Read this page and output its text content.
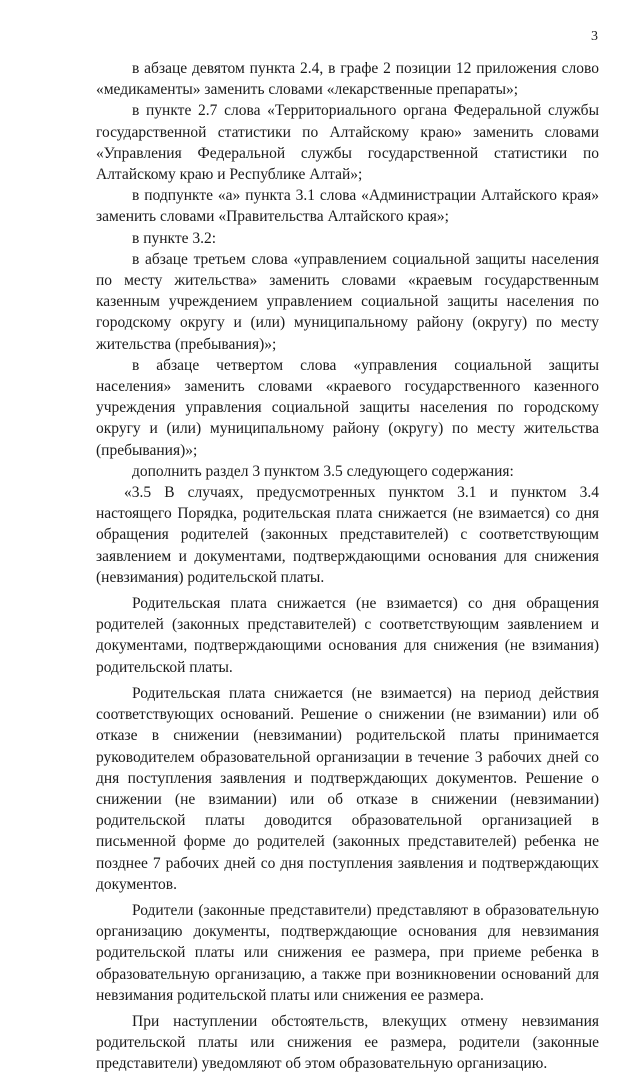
3

в абзаце девятом пункта 2.4, в графе 2 позиции 12 приложения слово «медикаменты» заменить словами «лекарственные препараты»;

в пункте 2.7 слова «Территориального органа Федеральной службы государственной статистики по Алтайскому краю» заменить словами «Управления Федеральной службы государственной статистики по Алтайскому краю и Республике Алтай»;

в подпункте «а» пункта 3.1 слова «Администрации Алтайского края» заменить словами «Правительства Алтайского края»;

в пункте 3.2:

в абзаце третьем слова «управлением социальной защиты населения по месту жительства» заменить словами «краевым государственным казенным учреждением управлением социальной защиты населения по городскому округу и (или) муниципальному району (округу) по месту жительства (пребывания)»;

в абзаце четвертом слова «управления социальной защиты населения» заменить словами «краевого государственного казенного учреждения управления социальной защиты населения по городскому округу и (или) муниципальному району (округу) по месту жительства (пребывания)»;

дополнить раздел 3 пунктом 3.5 следующего содержания:

«3.5 В случаях, предусмотренных пунктом 3.1 и пунктом 3.4 настоящего Порядка, родительская плата снижается (не взимается) со дня обращения родителей (законных представителей) с соответствующим заявлением и документами, подтверждающими основания для снижения (невзимания) родительской платы.

Родительская плата снижается (не взимается) со дня обращения родителей (законных представителей) с соответствующим заявлением и документами, подтверждающими основания для снижения (не взимания) родительской платы.

Родительская плата снижается (не взимается) на период действия соответствующих оснований. Решение о снижении (не взимании) или об отказе в снижении (невзимании) родительской платы принимается руководителем образовательной организации в течение 3 рабочих дней со дня поступления заявления и подтверждающих документов. Решение о снижении (не взимании) или об отказе в снижении (невзимании) родительской платы доводится образовательной организацией в письменной форме до родителей (законных представителей) ребенка не позднее 7 рабочих дней со дня поступления заявления и подтверждающих документов.

Родители (законные представители) представляют в образовательную организацию документы, подтверждающие основания для невзимания родительской платы или снижения ее размера, при приеме ребенка в образовательную организацию, а также при возникновении оснований для невзимания родительской платы или снижения ее размера.

При наступлении обстоятельств, влекущих отмену невзимания родительской платы или снижения ее размера, родители (законные представители) уведомляют об этом образовательную организацию.
